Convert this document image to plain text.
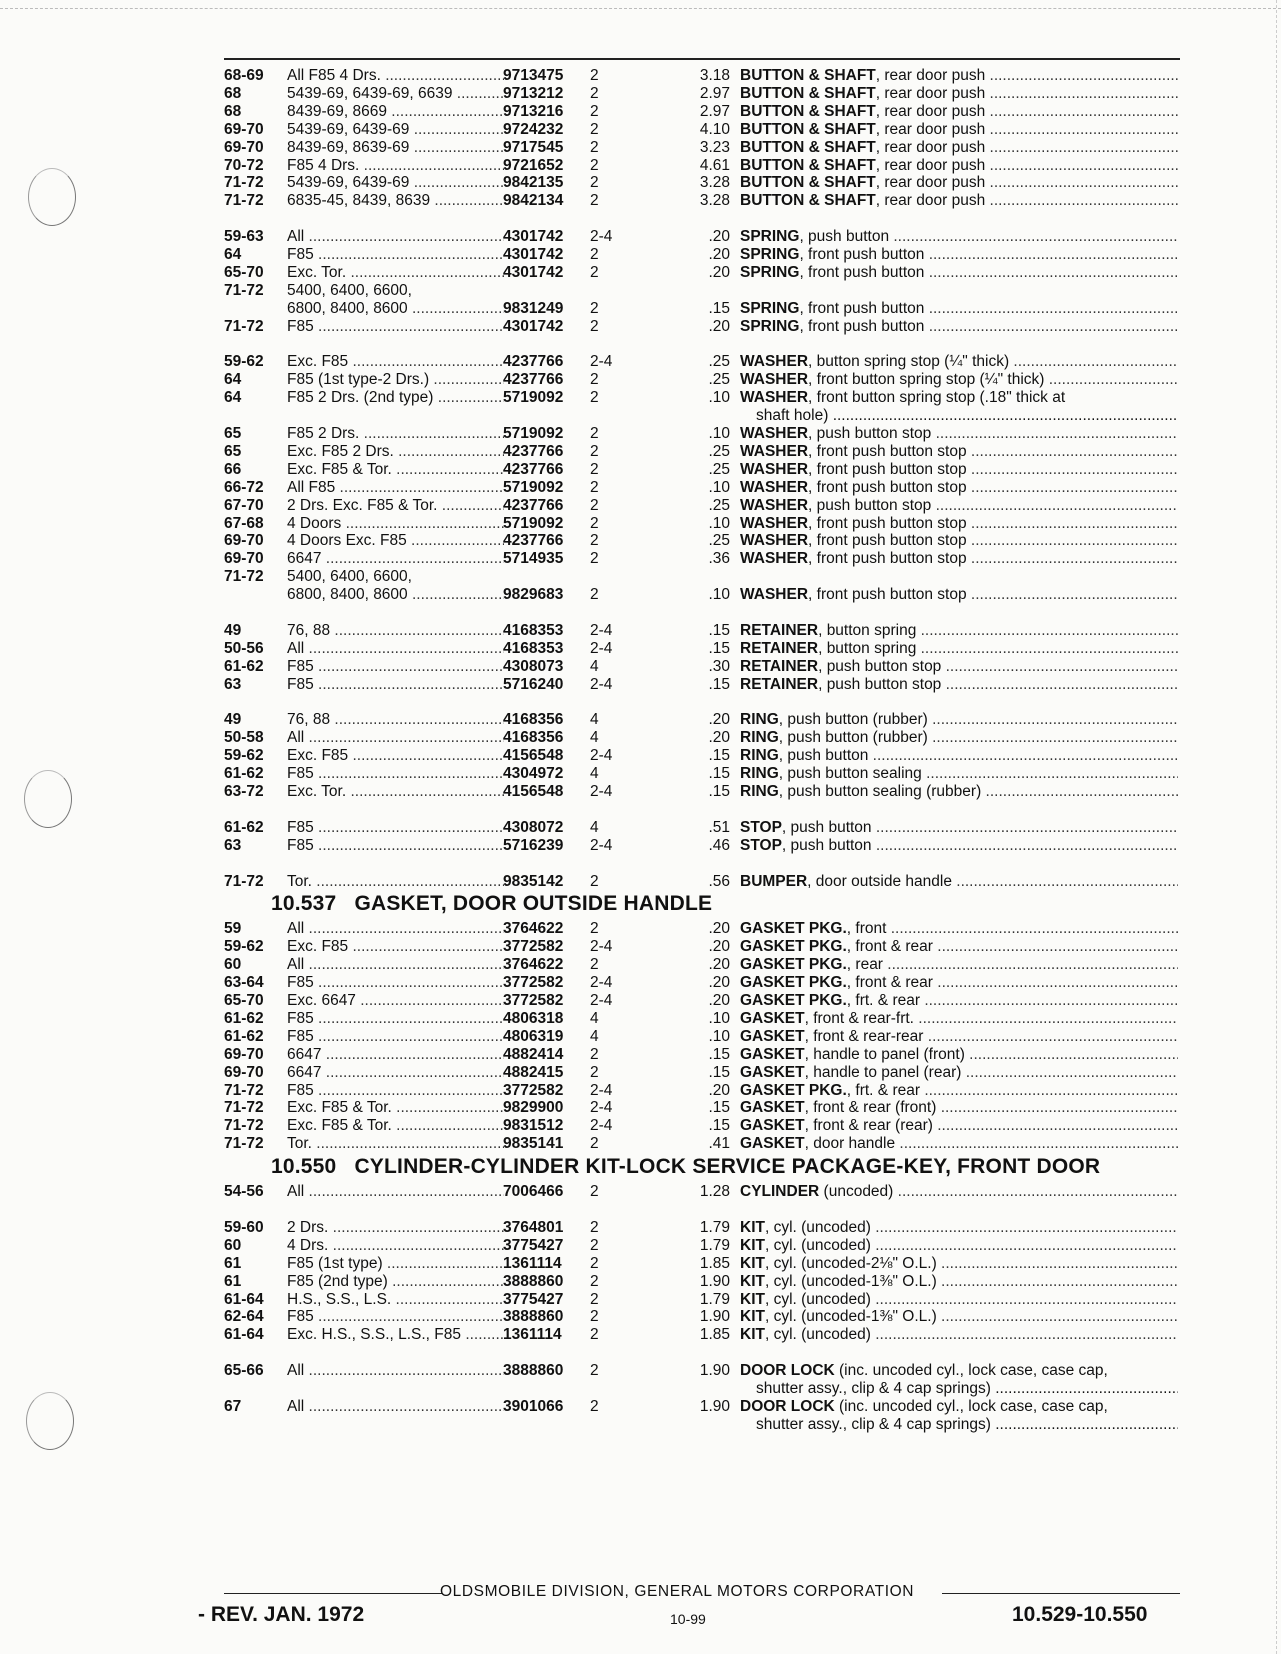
68-69 All F85 4 Drs. .....	9713475 2	3.18 BUTTON & SHAFT, rear door push .....
68	5439-69, 6439-69, 6639 .....	9713212 2	2.97 BUTTON & SHAFT, rear door push .....
68	8439-69, 8669 .....	9713216 2	2.97 BUTTON & SHAFT, rear door push .....
69-70 5439-69, 6439-69 .....	9724232 2	4.10 BUTTON & SHAFT, rear door push .....
69-70 8439-69, 8639-69 .....	9717545 2	3.23 BUTTON & SHAFT, rear door push .....
70-72 F85 4 Drs. .....	9721652 2	4.61 BUTTON & SHAFT, rear door push .....
71-72 5439-69, 6439-69 .....	9842135 2	3.28 BUTTON & SHAFT, rear door push .....
71-72 6835-45, 8439, 8639 .....	9842134 2	3.28 BUTTON & SHAFT, rear door push .....
59-63 All .....	4301742 2-4	.20 SPRING, push button .....
64	F85 .....	4301742 2	.20 SPRING, front push button .....
65-70 Exc. Tor. .....	4301742 2	.20 SPRING, front push button .....
71-72 5400, 6400, 6600,
6800, 8400, 8600 .....	9831249 2	.15 SPRING, front push button .....
71-72 F85 .....	4301742 2	.20 SPRING, front push button .....
59-62 Exc. F85 .....	4237766 2-4	.25 WASHER, button spring stop (¼" thick) .....
64	F85 (1st type-2 Drs.) .....	4237766 2	.25 WASHER, front button spring stop (¼" thick) .....
64	F85 2 Drs. (2nd type) .....	5719092 2	.10 WASHER, front button spring stop (.18" thick at
shaft hole) .....
65	F85 2 Drs. .....	5719092 2	.10 WASHER, push button stop .....
65	Exc. F85 2 Drs. .....	4237766 2	.25 WASHER, front push button stop .....
66	Exc. F85 & Tor. .....	4237766 2	.25 WASHER, front push button stop .....
66-72 All F85 .....	5719092 2	.10 WASHER, front push button stop .....
67-70 2 Drs. Exc. F85 & Tor. .....	4237766 2	.25 WASHER, push button stop .....
67-68 4 Doors .....	5719092 2	.10 WASHER, front push button stop .....
69-70 4 Doors Exc. F85 .....	4237766 2	.25 WASHER, front push button stop .....
69-70 6647 .....	5714935 2	.36 WASHER, front push button stop .....
71-72 5400, 6400, 6600,
6800, 8400, 8600 .....	9829683 2	.10 WASHER, front push button stop .....
49	76, 88 .....	4168353 2-4	.15 RETAINER, button spring .....
50-56 All .....	4168353 2-4	.15 RETAINER, button spring .....
61-62 F85 .....	4308073 4	.30 RETAINER, push button stop .....
63	F85 .....	5716240 2-4	.15 RETAINER, push button stop .....
49	76, 88 .....	4168356 4	.20 RING, push button (rubber) .....
50-58 All .....	4168356 4	.20 RING, push button (rubber) .....
59-62 Exc. F85 .....	4156548 2-4	.15 RING, push button .....
61-62 F85 .....	4304972 4	.15 RING, push button sealing .....
63-72 Exc. Tor. .....	4156548 2-4	.15 RING, push button sealing (rubber) .....
61-62 F85 .....	4308072 4	.51 STOP, push button .....
63	F85 .....	5716239 2-4	.46 STOP, push button .....
71-72 Tor. .....	9835142 2	.56 BUMPER, door outside handle .....
10.537 GASKET, DOOR OUTSIDE HANDLE
59	All .....	3764622 2	.20 GASKET PKG., front .....
59-62 Exc. F85 .....	3772582 2-4	.20 GASKET PKG., front & rear .....
60	All .....	3764622 2	.20 GASKET PKG., rear .....
63-64 F85 .....	3772582 2-4	.20 GASKET PKG., front & rear .....
65-70 Exc. 6647 .....	3772582 2-4	.20 GASKET PKG., frt. & rear .....
61-62 F85 .....	4806318 4	.10 GASKET, front & rear-frt. .....
61-62 F85 .....	4806319 4	.10 GASKET, front & rear-rear .....
69-70 6647 .....	4882414 2	.15 GASKET, handle to panel (front) .....
69-70 6647 .....	4882415 2	.15 GASKET, handle to panel (rear) .....
71-72 F85 .....	3772582 2-4	.20 GASKET PKG., frt. & rear .....
71-72 Exc. F85 & Tor. .....	9829900 2-4	.15 GASKET, front & rear (front) .....
71-72 Exc. F85 & Tor. .....	9831512 2-4	.15 GASKET, front & rear (rear) .....
71-72 Tor. .....	9835141 2	.41 GASKET, door handle .....
10.550 CYLINDER-CYLINDER KIT-LOCK SERVICE PACKAGE-KEY, FRONT DOOR
54-56 All .....	7006466 2	1.28 CYLINDER (uncoded) .....
59-60 2 Drs. .....	3764801 2	1.79 KIT, cyl. (uncoded) .....
60	4 Drs. .....	3775427 2	1.79 KIT, cyl. (uncoded) .....
61	F85 (1st type) .....	1361114 2	1.85 KIT, cyl. (uncoded-2⅛" O.L.) .....
61	F85 (2nd type) .....	3888860 2	1.90 KIT, cyl. (uncoded-1⅜" O.L.) .....
61-64 H.S., S.S., L.S. .....	3775427 2	1.79 KIT, cyl. (uncoded) .....
62-64 F85 .....	3888860 2	1.90 KIT, cyl. (uncoded-1⅜" O.L.) .....
61-64 Exc. H.S., S.S., L.S., F85 .....	1361114 2	1.85 KIT, cyl. (uncoded) .....
65-66 All .....	3888860 2	1.90 DOOR LOCK (inc. uncoded cyl., lock case, case cap,
shutter assy., clip & 4 cap springs) .....
67	All .....	3901066 2	1.90 DOOR LOCK (inc. uncoded cyl., lock case, case cap,
shutter assy., clip & 4 cap springs) .....
OLDSMOBILE DIVISION, GENERAL MOTORS CORPORATION
- REV. JAN. 1972	10-99	10.529-10.550
